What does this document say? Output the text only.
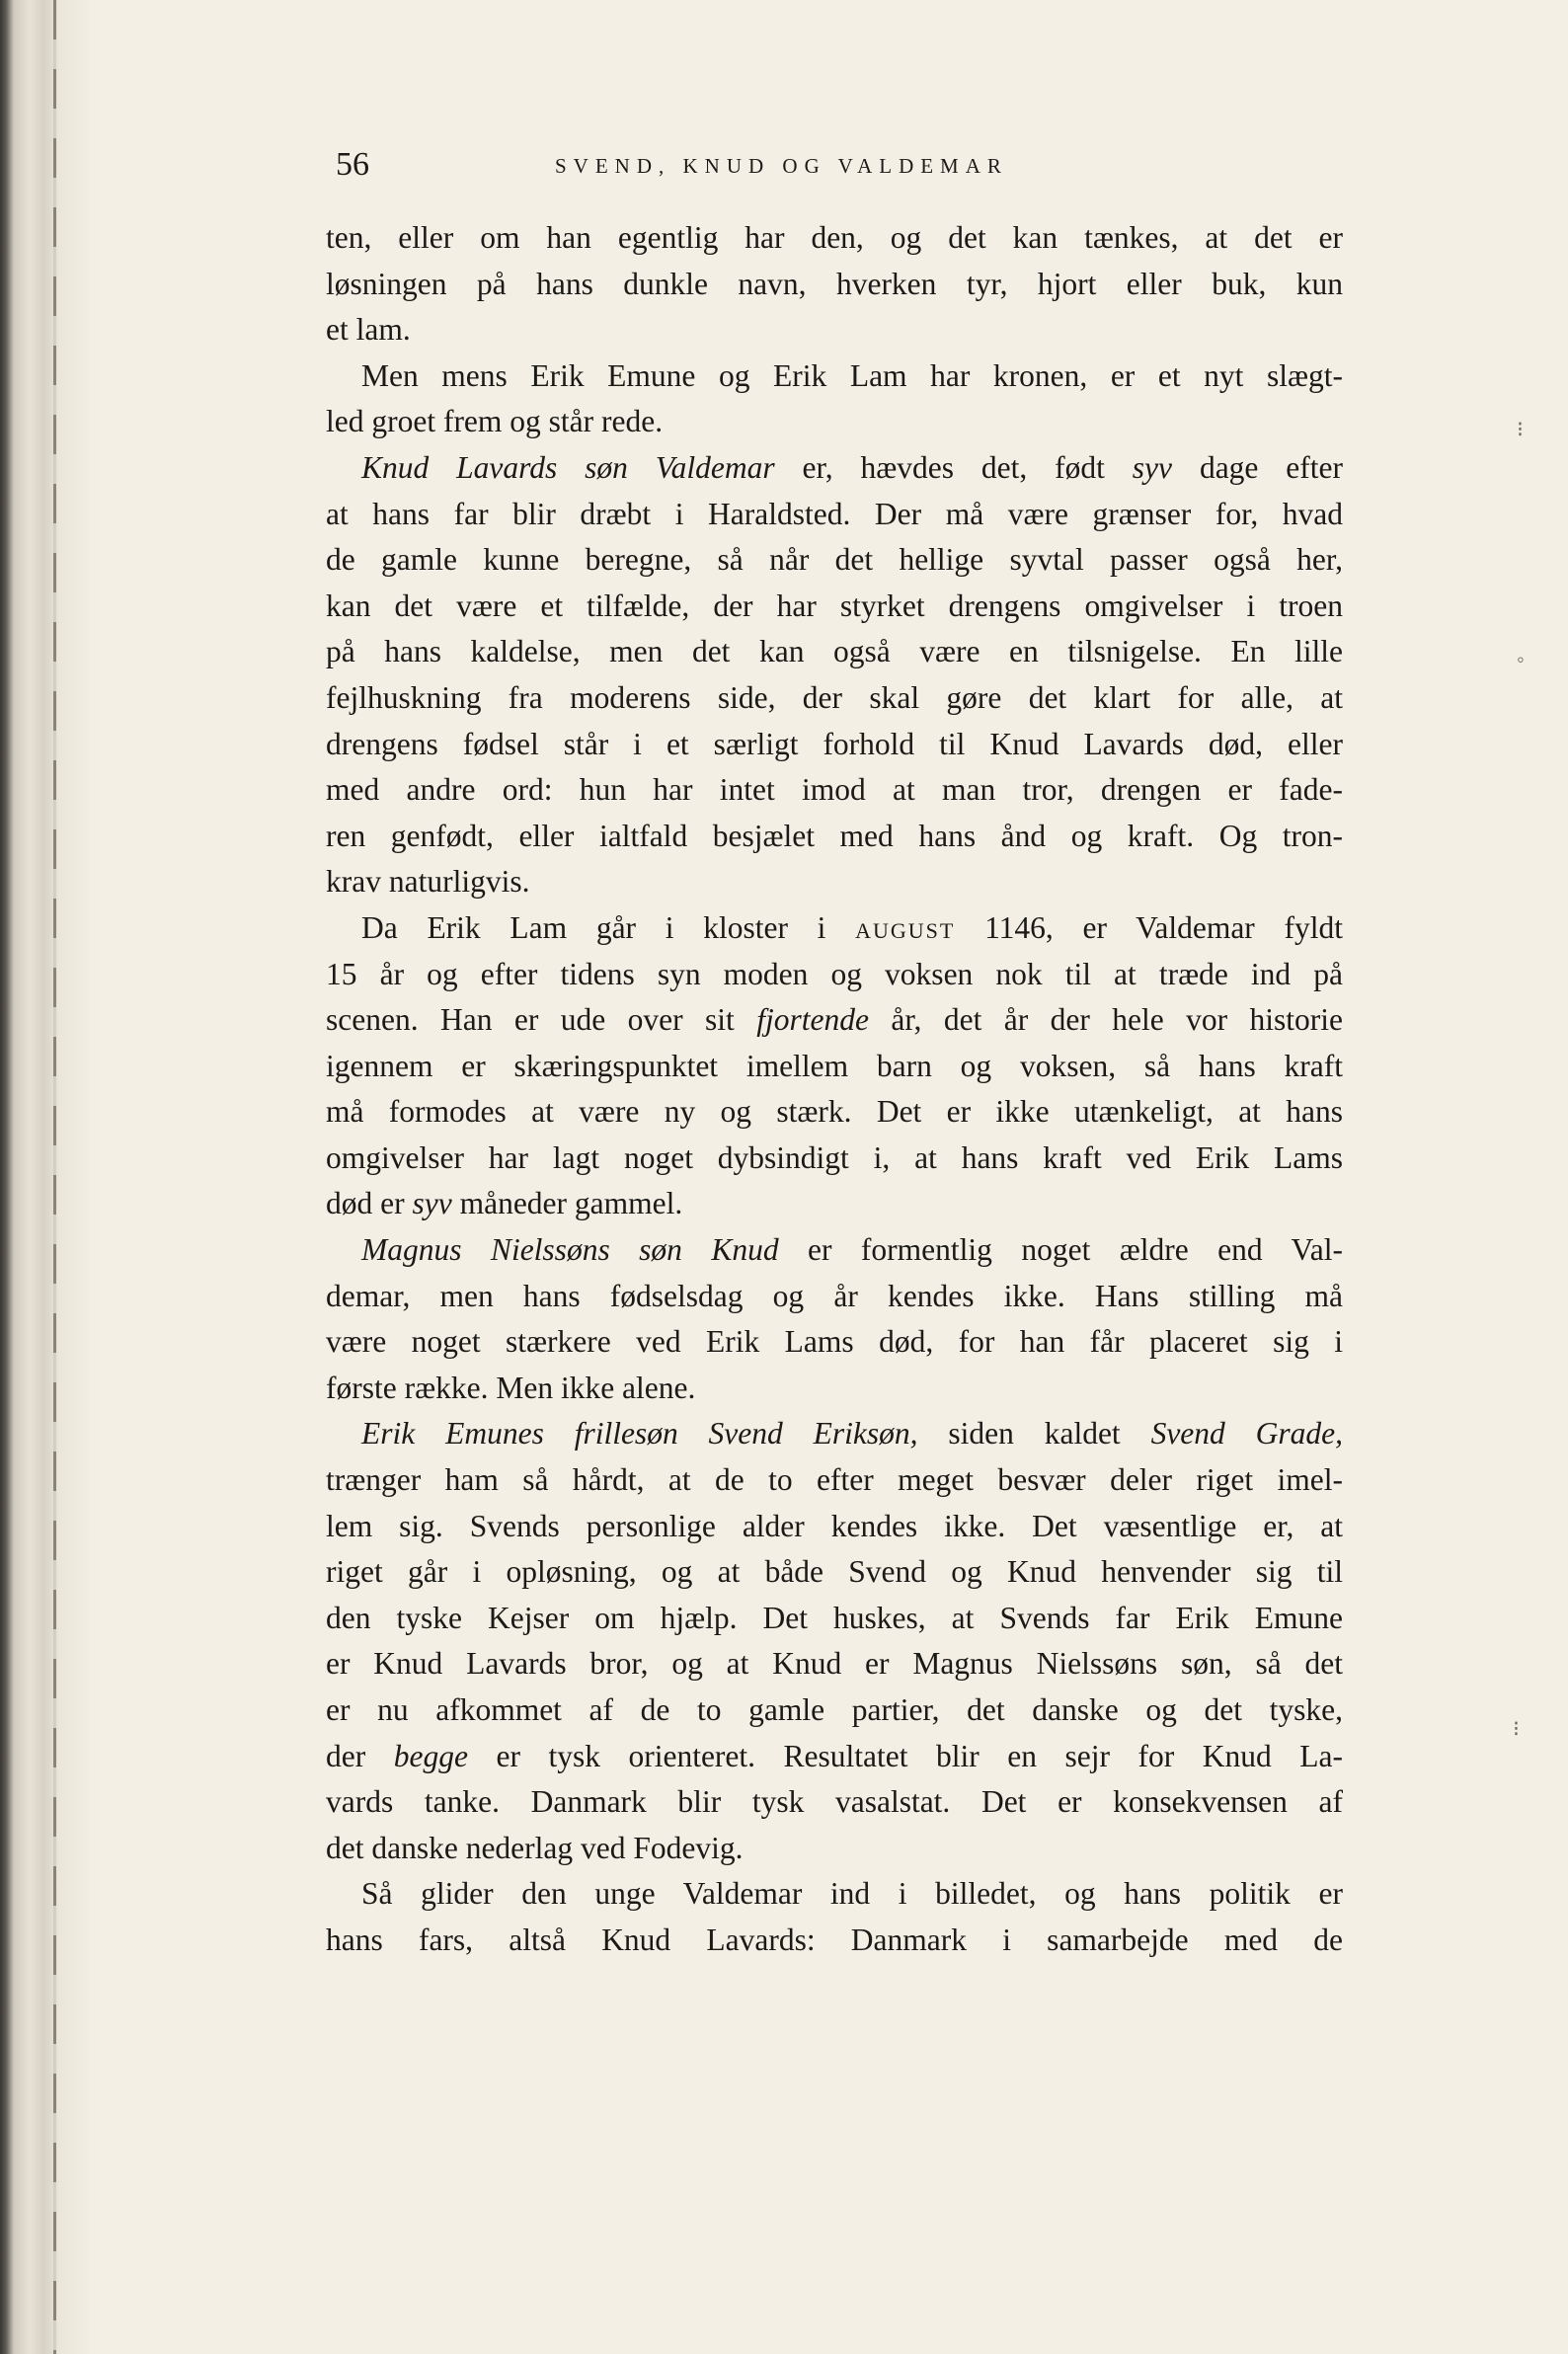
56	SVEND, KNUD OG VALDEMAR
⁝
◦
⁝
ten, eller om han egentlig har den, og det kan tænkes, at det er
løsningen på hans dunkle navn, hverken tyr, hjort eller buk, kun
et lam.
Men mens Erik Emune og Erik Lam har kronen, er et nyt slægt-
led groet frem og står rede.
Knud Lavards søn Valdemar er, hævdes det, født syv dage efter
at hans far blir dræbt i Haraldsted. Der må være grænser for, hvad
de gamle kunne beregne, så når det hellige syvtal passer også her,
kan det være et tilfælde, der har styrket drengens omgivelser i troen
på hans kaldelse, men det kan også være en tilsnigelse. En lille
fejlhuskning fra moderens side, der skal gøre det klart for alle, at
drengens fødsel står i et særligt forhold til Knud Lavards død, eller
med andre ord: hun har intet imod at man tror, drengen er fade-
ren genfødt, eller ialtfald besjælet med hans ånd og kraft. Og tron-
krav naturligvis.
Da Erik Lam går i kloster i AUGUST 1146, er Valdemar fyldt
15 år og efter tidens syn moden og voksen nok til at træde ind på
scenen. Han er ude over sit fjortende år, det år der hele vor historie
igennem er skæringspunktet imellem barn og voksen, så hans kraft
må formodes at være ny og stærk. Det er ikke utænkeligt, at hans
omgivelser har lagt noget dybsindigt i, at hans kraft ved Erik Lams
død er syv måneder gammel.
Magnus Nielssøns søn Knud er formentlig noget ældre end Val-
demar, men hans fødselsdag og år kendes ikke. Hans stilling må
være noget stærkere ved Erik Lams død, for han får placeret sig i
første række. Men ikke alene.
Erik Emunes frillesøn Svend Eriksøn, siden kaldet Svend Grade,
trænger ham så hårdt, at de to efter meget besvær deler riget imel-
lem sig. Svends personlige alder kendes ikke. Det væsentlige er, at
riget går i opløsning, og at både Svend og Knud henvender sig til
den tyske Kejser om hjælp. Det huskes, at Svends far Erik Emune
er Knud Lavards bror, og at Knud er Magnus Nielssøns søn, så det
er nu afkommet af de to gamle partier, det danske og det tyske,
der begge er tysk orienteret. Resultatet blir en sejr for Knud La-
vards tanke. Danmark blir tysk vasalstat. Det er konsekvensen af
det danske nederlag ved Fodevig.
Så glider den unge Valdemar ind i billedet, og hans politik er
hans fars, altså Knud Lavards: Danmark i samarbejde med de
